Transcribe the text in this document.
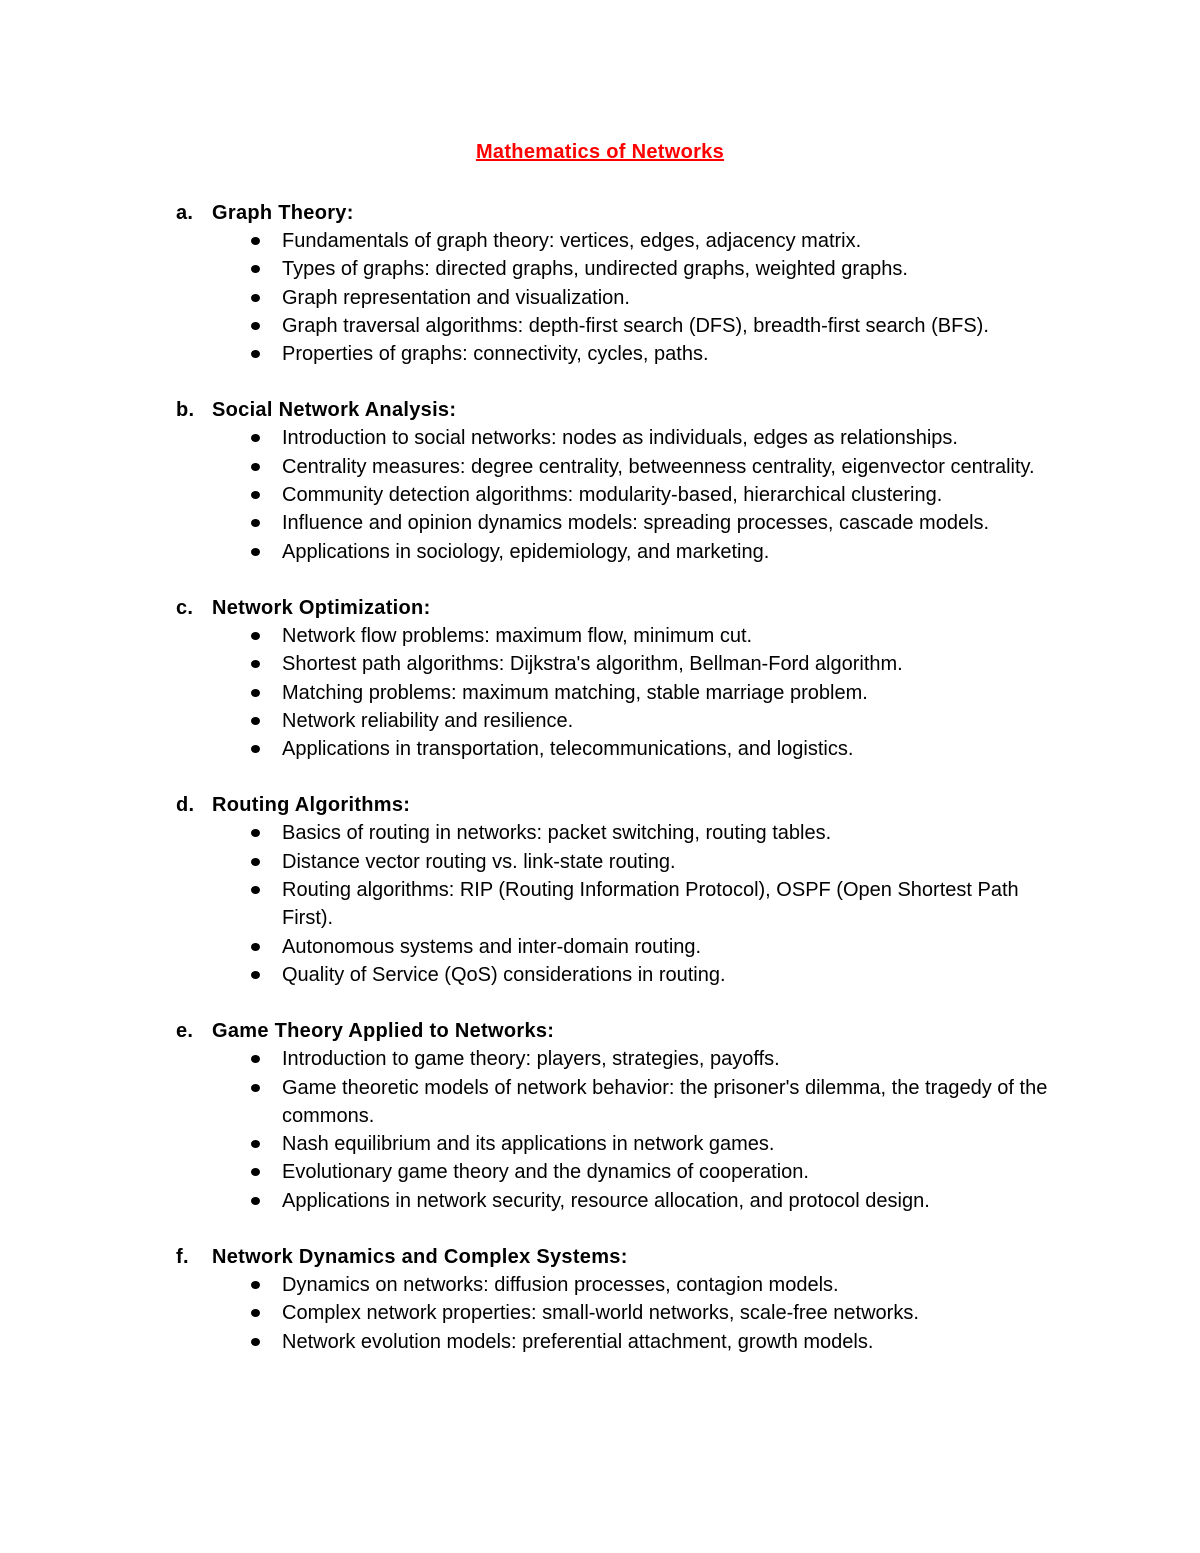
Mathematics of Networks
a. Graph Theory:
Fundamentals of graph theory: vertices, edges, adjacency matrix.
Types of graphs: directed graphs, undirected graphs, weighted graphs.
Graph representation and visualization.
Graph traversal algorithms: depth-first search (DFS), breadth-first search (BFS).
Properties of graphs: connectivity, cycles, paths.
b. Social Network Analysis:
Introduction to social networks: nodes as individuals, edges as relationships.
Centrality measures: degree centrality, betweenness centrality, eigenvector centrality.
Community detection algorithms: modularity-based, hierarchical clustering.
Influence and opinion dynamics models: spreading processes, cascade models.
Applications in sociology, epidemiology, and marketing.
c. Network Optimization:
Network flow problems: maximum flow, minimum cut.
Shortest path algorithms: Dijkstra's algorithm, Bellman-Ford algorithm.
Matching problems: maximum matching, stable marriage problem.
Network reliability and resilience.
Applications in transportation, telecommunications, and logistics.
d. Routing Algorithms:
Basics of routing in networks: packet switching, routing tables.
Distance vector routing vs. link-state routing.
Routing algorithms: RIP (Routing Information Protocol), OSPF (Open Shortest Path First).
Autonomous systems and inter-domain routing.
Quality of Service (QoS) considerations in routing.
e. Game Theory Applied to Networks:
Introduction to game theory: players, strategies, payoffs.
Game theoretic models of network behavior: the prisoner's dilemma, the tragedy of the commons.
Nash equilibrium and its applications in network games.
Evolutionary game theory and the dynamics of cooperation.
Applications in network security, resource allocation, and protocol design.
f. Network Dynamics and Complex Systems:
Dynamics on networks: diffusion processes, contagion models.
Complex network properties: small-world networks, scale-free networks.
Network evolution models: preferential attachment, growth models.
